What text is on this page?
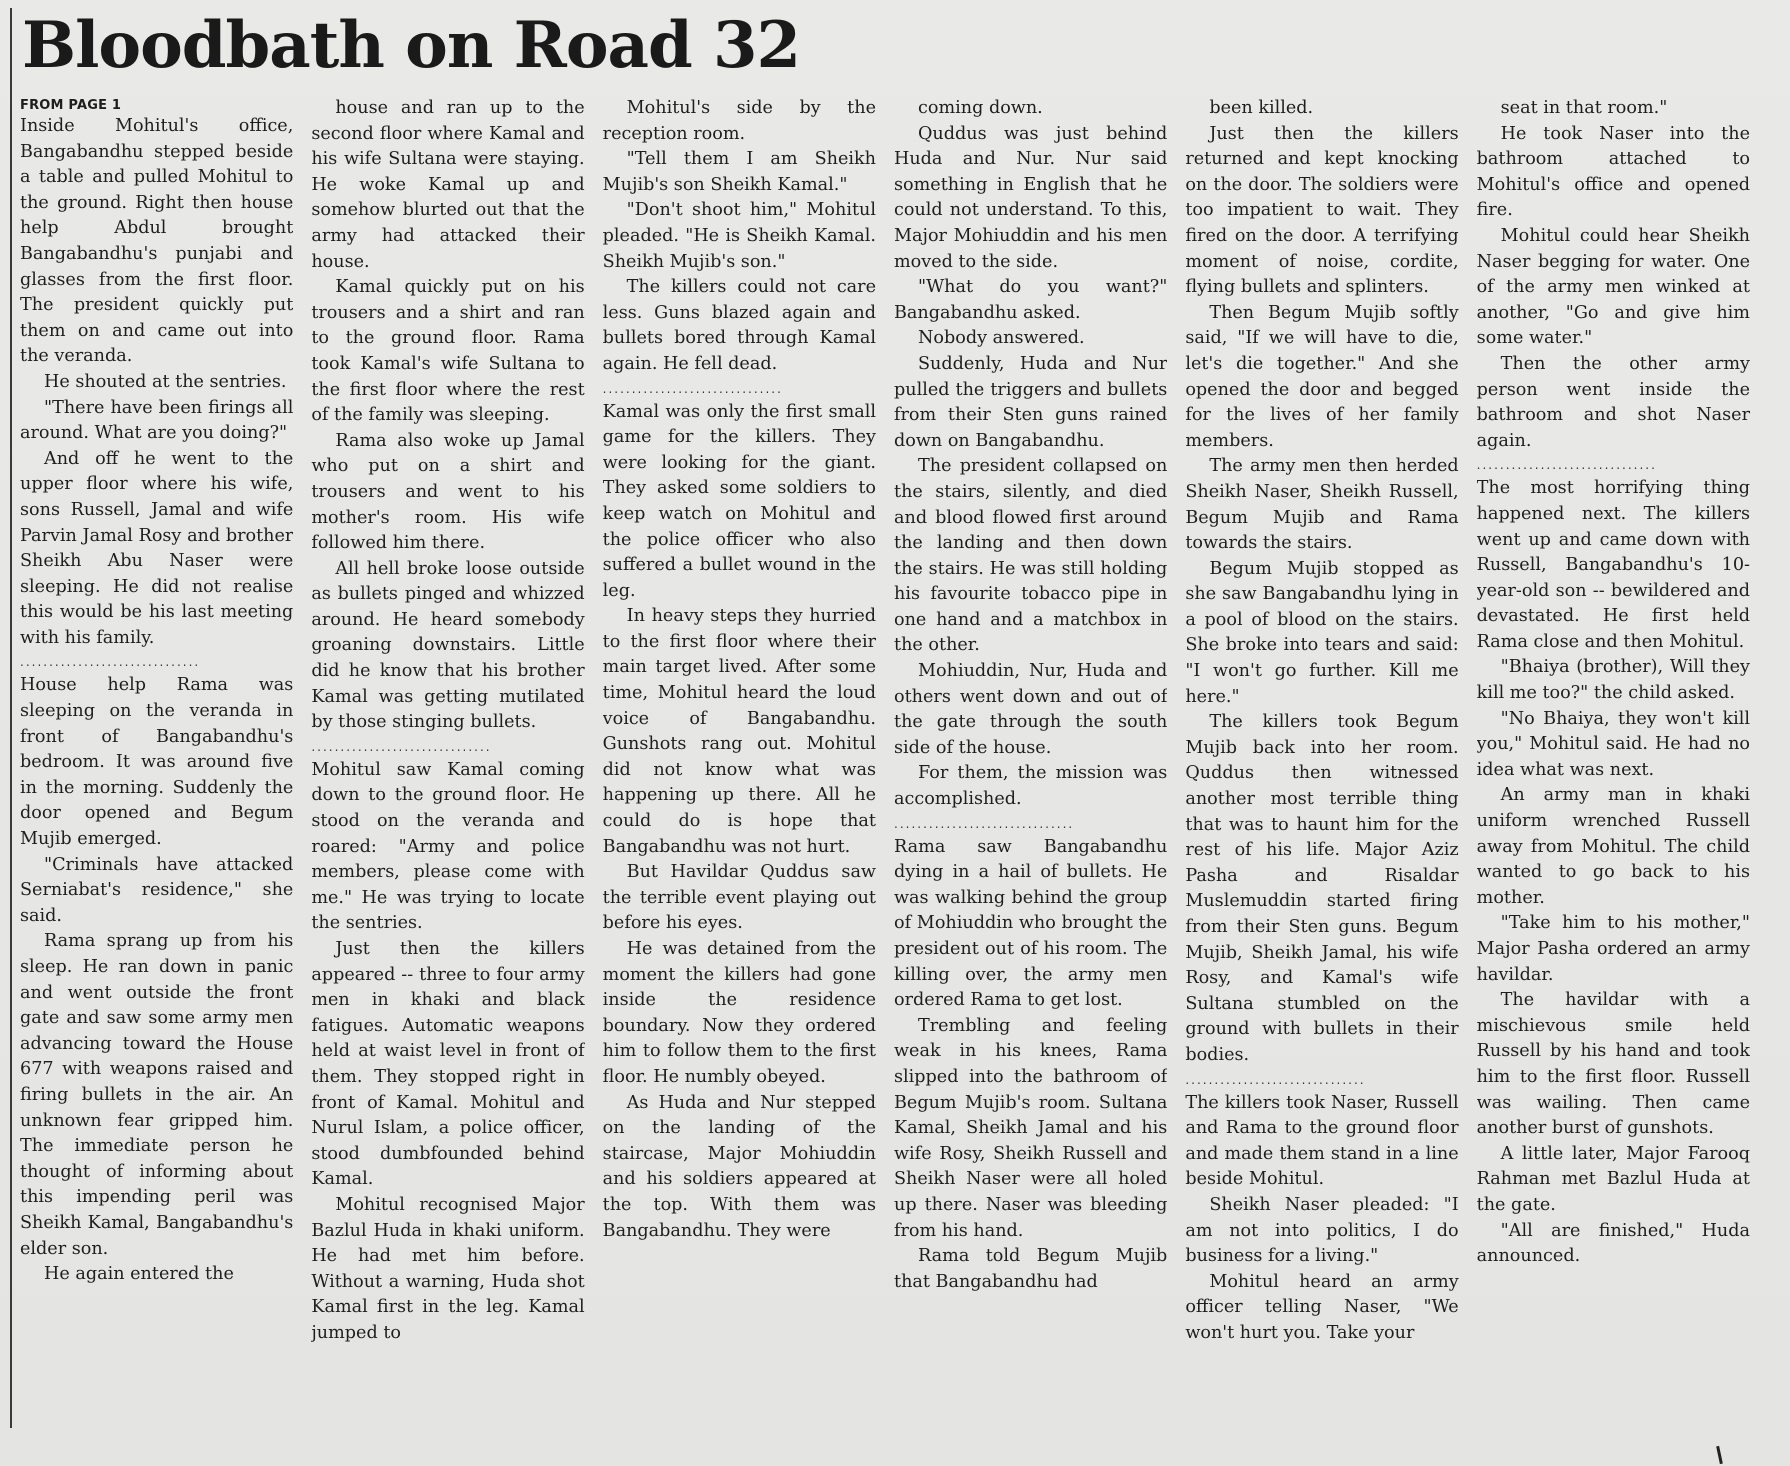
Bloodbath on Road 32
FROM PAGE 1

Inside Mohitul's office, Bangabandhu stepped beside a table and pulled Mohitul to the ground. Right then house help Abdul brought Bangabandhu's punjabi and glasses from the first floor. The president quickly put them on and came out into the veranda.

He shouted at the sentries.

"There have been firings all around. What are you doing?"

And off he went to the upper floor where his wife, sons Russell, Jamal and wife Parvin Jamal Rosy and brother Sheikh Abu Naser were sleeping. He did not realise this would be his last meeting with his family.

...............................

House help Rama was sleeping on the veranda in front of Bangabandhu's bedroom. It was around five in the morning. Suddenly the door opened and Begum Mujib emerged.

"Criminals have attacked Serniabat's residence," she said.

Rama sprang up from his sleep. He ran down in panic and went outside the front gate and saw some army men advancing toward the House 677 with weapons raised and firing bullets in the air. An unknown fear gripped him. The immediate person he thought of informing about this impending peril was Sheikh Kamal, Bangabandhu's elder son.

He again entered the

house and ran up to the second floor where Kamal and his wife Sultana were staying. He woke Kamal up and somehow blurted out that the army had attacked their house.

Kamal quickly put on his trousers and a shirt and ran to the ground floor. Rama took Kamal's wife Sultana to the first floor where the rest of the family was sleeping.

Rama also woke up Jamal who put on a shirt and trousers and went to his mother's room. His wife followed him there.

All hell broke loose outside as bullets pinged and whizzed around. He heard somebody groaning downstairs. Little did he know that his brother Kamal was getting mutilated by those stinging bullets.

...............................

Mohitul saw Kamal coming down to the ground floor. He stood on the veranda and roared: "Army and police members, please come with me." He was trying to locate the sentries.

Just then the killers appeared -- three to four army men in khaki and black fatigues. Automatic weapons held at waist level in front of them. They stopped right in front of Kamal. Mohitul and Nurul Islam, a police officer, stood dumbfounded behind Kamal.

Mohitul recognised Major Bazlul Huda in khaki uniform. He had met him before. Without a warning, Huda shot Kamal first in the leg. Kamal jumped to

Mohitul's side by the reception room.

"Tell them I am Sheikh Mujib's son Sheikh Kamal."

"Don't shoot him," Mohitul pleaded. "He is Sheikh Kamal. Sheikh Mujib's son."

The killers could not care less. Guns blazed again and bullets bored through Kamal again. He fell dead.

...............................

Kamal was only the first small game for the killers. They were looking for the giant. They asked some soldiers to keep watch on Mohitul and the police officer who also suffered a bullet wound in the leg.

In heavy steps they hurried to the first floor where their main target lived. After some time, Mohitul heard the loud voice of Bangabandhu. Gunshots rang out. Mohitul did not know what was happening up there. All he could do is hope that Bangabandhu was not hurt.

But Havildar Quddus saw the terrible event playing out before his eyes.

He was detained from the moment the killers had gone inside the residence boundary. Now they ordered him to follow them to the first floor. He numbly obeyed.

As Huda and Nur stepped on the landing of the staircase, Major Mohiuddin and his soldiers appeared at the top. With them was Bangabandhu. They were

coming down.

Quddus was just behind Huda and Nur. Nur said something in English that he could not understand. To this, Major Mohiuddin and his men moved to the side.

"What do you want?" Bangabandhu asked.

Nobody answered.

Suddenly, Huda and Nur pulled the triggers and bullets from their Sten guns rained down on Bangabandhu.

The president collapsed on the stairs, silently, and died and blood flowed first around the landing and then down the stairs. He was still holding his favourite tobacco pipe in one hand and a matchbox in the other.

Mohiuddin, Nur, Huda and others went down and out of the gate through the south side of the house.

For them, the mission was accomplished.

...............................

Rama saw Bangabandhu dying in a hail of bullets. He was walking behind the group of Mohiuddin who brought the president out of his room. The killing over, the army men ordered Rama to get lost.

Trembling and feeling weak in his knees, Rama slipped into the bathroom of Begum Mujib's room. Sultana Kamal, Sheikh Jamal and his wife Rosy, Sheikh Russell and Sheikh Naser were all holed up there. Naser was bleeding from his hand.

Rama told Begum Mujib that Bangabandhu had

been killed.

Just then the killers returned and kept knocking on the door. The soldiers were too impatient to wait. They fired on the door. A terrifying moment of noise, cordite, flying bullets and splinters.

Then Begum Mujib softly said, "If we will have to die, let's die together." And she opened the door and begged for the lives of her family members.

The army men then herded Sheikh Naser, Sheikh Russell, Begum Mujib and Rama towards the stairs.

Begum Mujib stopped as she saw Bangabandhu lying in a pool of blood on the stairs. She broke into tears and said: "I won't go further. Kill me here."

The killers took Begum Mujib back into her room. Quddus then witnessed another most terrible thing that was to haunt him for the rest of his life. Major Aziz Pasha and Risaldar Muslemuddin started firing from their Sten guns. Begum Mujib, Sheikh Jamal, his wife Rosy, and Kamal's wife Sultana stumbled on the ground with bullets in their bodies.

...............................

The killers took Naser, Russell and Rama to the ground floor and made them stand in a line beside Mohitul.

Sheikh Naser pleaded: "I am not into politics, I do business for a living."

Mohitul heard an army officer telling Naser, "We won't hurt you. Take your

seat in that room."

He took Naser into the bathroom attached to Mohitul's office and opened fire.

Mohitul could hear Sheikh Naser begging for water. One of the army men winked at another, "Go and give him some water."

Then the other army person went inside the bathroom and shot Naser again.

...............................

The most horrifying thing happened next. The killers went up and came down with Russell, Bangabandhu's 10-year-old son -- bewildered and devastated. He first held Rama close and then Mohitul.

"Bhaiya (brother), Will they kill me too?" the child asked.

"No Bhaiya, they won't kill you," Mohitul said. He had no idea what was next.

An army man in khaki uniform wrenched Russell away from Mohitul. The child wanted to go back to his mother.

"Take him to his mother," Major Pasha ordered an army havildar.

The havildar with a mischievous smile held Russell by his hand and took him to the first floor. Russell was wailing. Then came another burst of gunshots.

A little later, Major Farooq Rahman met Bazlul Huda at the gate.

"All are finished," Huda announced.
